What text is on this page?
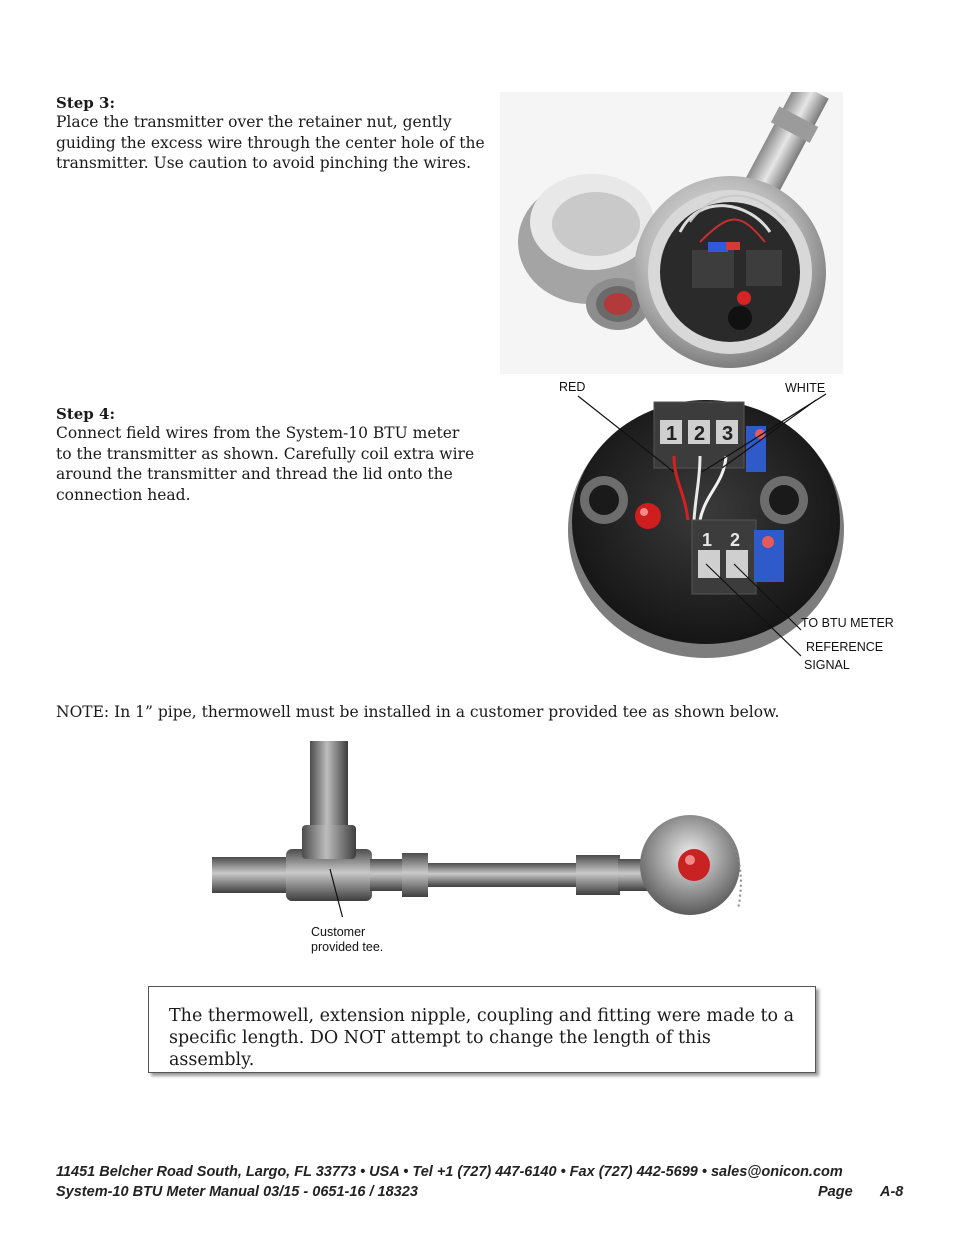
Step 3:
Place the transmitter over the retainer nut, gently
guiding the excess wire through the center hole of the
transmitter. Use caution to avoid pinching the wires.
Step 4:
Connect field wires from the System-10 BTU meter
to the transmitter as shown. Carefully coil extra wire
around the transmitter and thread the lid onto the
connection head.
1 2 3
1 2
RED	WHITE
TO BTU METER
REFERENCE
SIGNAL
NOTE: In 1” pipe, thermowell must be installed in a customer provided tee as shown below.
Customer
provided tee.

The thermowell, extension nipple, coupling and fitting were made to a specific length. DO NOT attempt to change the length of this assembly.

11451 Belcher Road South, Largo, FL 33773 • USA • Tel +1 (727) 447-6140 • Fax (727) 442-5699 • sales@onicon.com
System-10 BTU Meter Manual 03/15 - 0651-16 / 18323	Page A-8
